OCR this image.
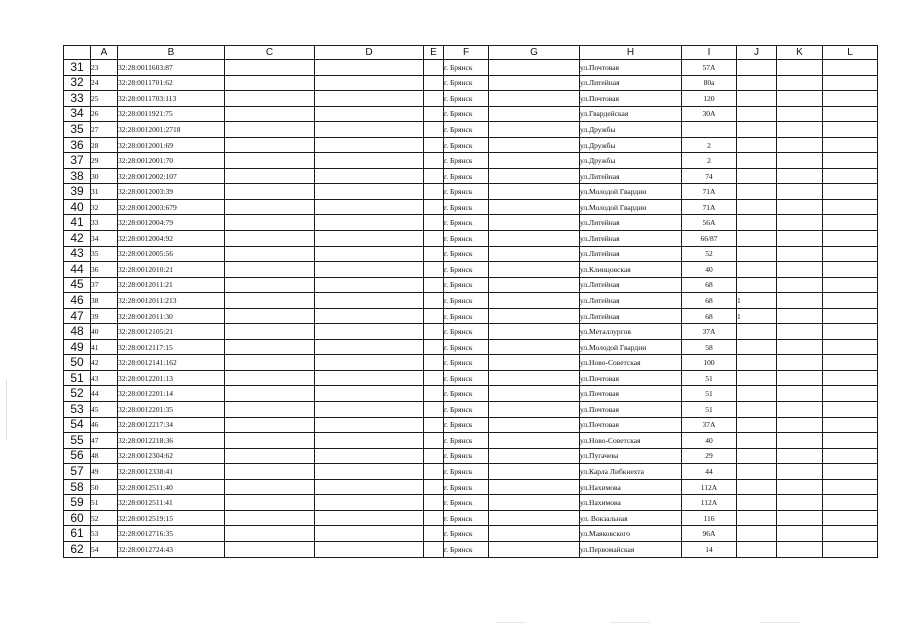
	A	B	C	D	E	F	G	H	I	J	K	L
31	23	32:28:0011603:87				г. Брянск		ул.Почтовая	57А			
32	24	32:28:0011701:62				г. Брянск		ул.Литейная	80а			
33	25	32:28:0011703:113				г. Брянск		ул.Почтовая	120			
34	26	32:28:0011921:75				г. Брянск		ул.Гвардейская	30А			
35	27	32:28:0012001:2718				г. Брянск		ул.Дружбы				
36	28	32:28:0012001:69				г. Брянск		ул.Дружбы	2			
37	29	32:28:0012001:70				г. Брянск		ул.Дружбы	2			
38	30	32:28:0012002:107				г. Брянск		ул.Литейная	74			
39	31	32:28:0012003:39				г. Брянск		ул.Молодой Гвардии	71А			
40	32	32:28:0012003:679				г. Брянск		ул.Молодой Гвардии	71А			
41	33	32:28:0012004:79				г. Брянск		ул.Литейная	56А			
42	34	32:28:0012004:92				г. Брянск		ул.Литейная	66/87			
43	35	32:28:0012005:56				г. Брянск		ул.Литейная	52			
44	36	32:28:0012010:21				г. Брянск		ул.Клинцовская	40			
45	37	32:28:0012011:21				г. Брянск		ул.Литейная	68			
46	38	32:28:0012011:213				г. Брянск		ул.Литейная	68	1		
47	39	32:28:0012011:30				г. Брянск		ул.Литейная	68	1		
48	40	32:28:0012105:21				г. Брянск		ул.Металлургов	37А			
49	41	32:28:0012117:15				г. Брянск		ул.Молодой Гвардии	58			
50	42	32:28:0012141:162				г. Брянск		ул.Ново-Советская	100			
51	43	32:28:0012201:13				г. Брянск		ул.Почтовая	51			
52	44	32:28:0012201:14				г. Брянск		ул.Почтовая	51			
53	45	32:28:0012201:35				г. Брянск		ул.Почтовая	51			
54	46	32:28:0012217:34				г. Брянск		ул.Почтовая	37А			
55	47	32:28:0012218:36				г. Брянск		ул.Ново-Советская	40			
56	48	32:28:0012304:62				г. Брянск		ул.Пугачева	29			
57	49	32:28:0012338:41				г. Брянск		ул.Карла Либкнехта	44			
58	50	32:28:0012511:40				г. Брянск		ул.Нахимова	112А			
59	51	32:28:0012511:41				г. Брянск		ул.Нахимова	112А			
60	52	32:28:0012519:15				г. Брянск		ул. Вокзальная	116			
61	53	32:28:0012716:35				г. Брянск		ул.Маяковского	96А			
62	54	32:28:0012724:43				г. Брянск		ул.Первомайская	14			
